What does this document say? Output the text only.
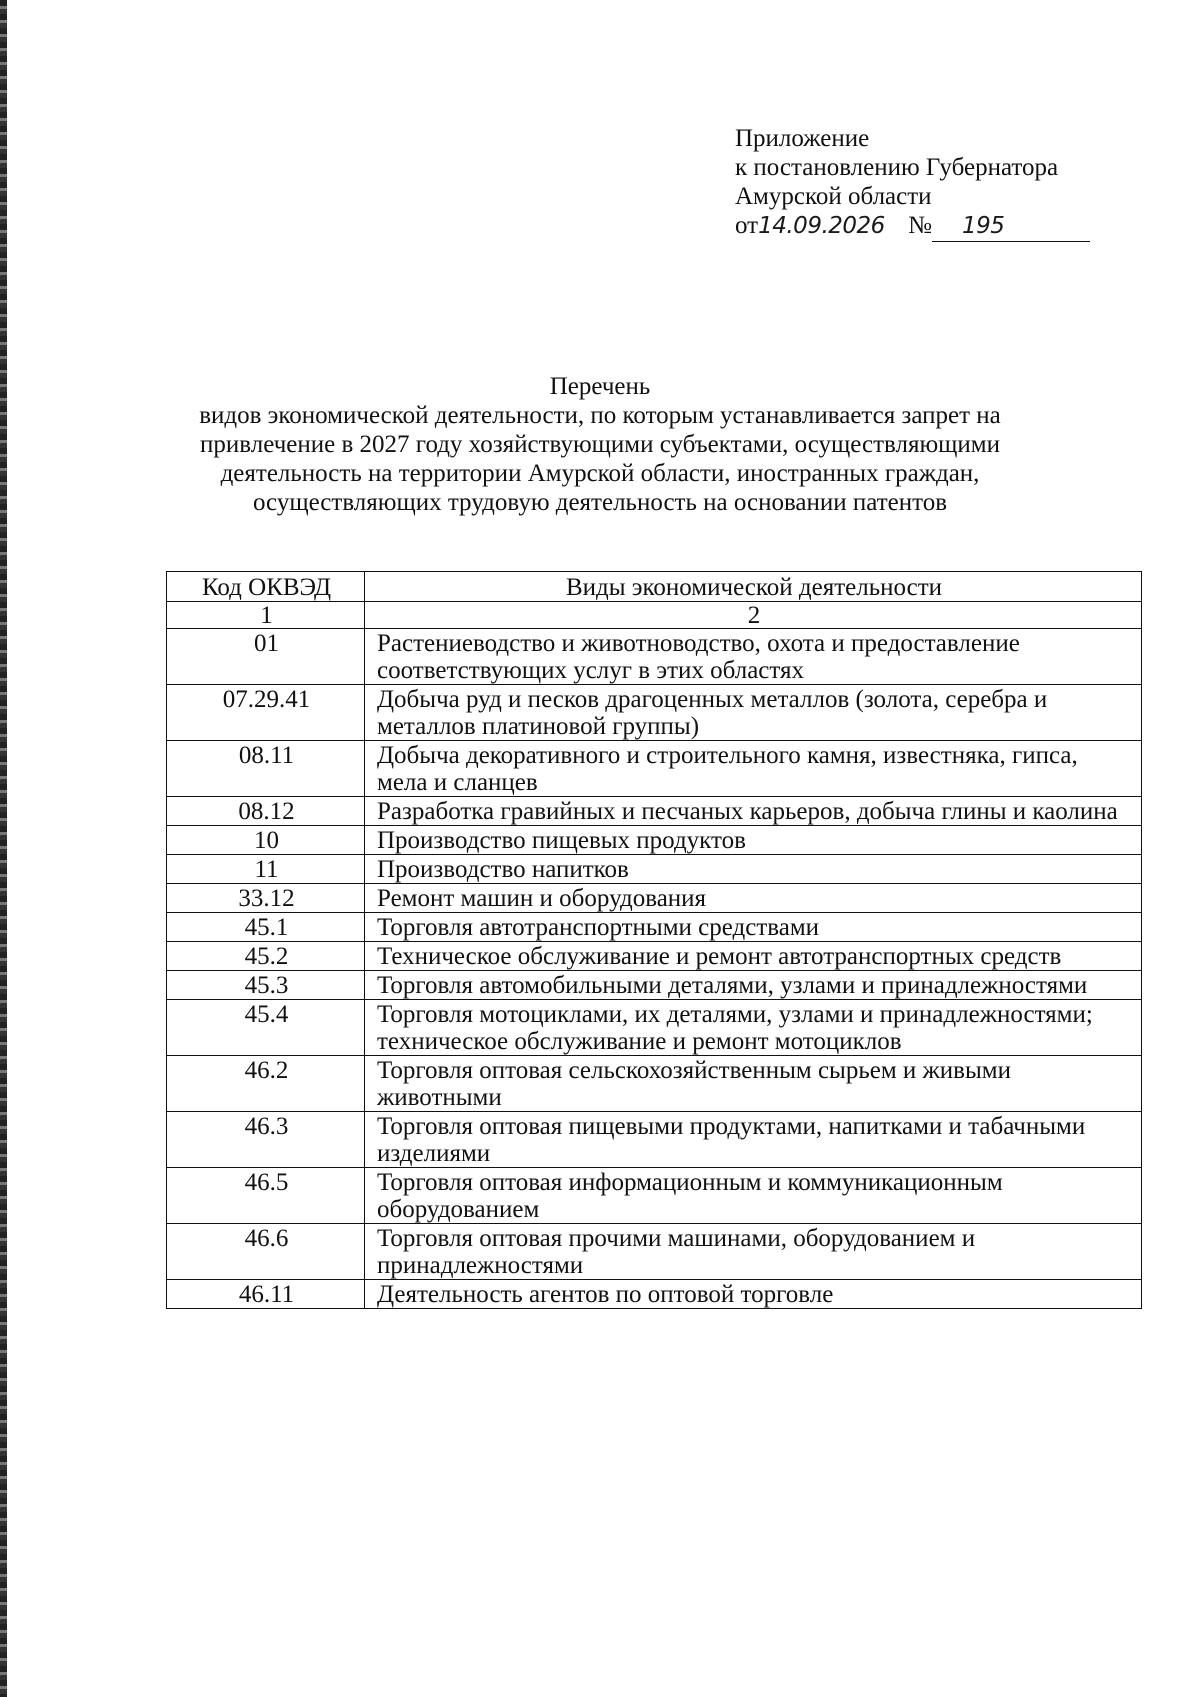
Приложение
к постановлению Губернатора
Амурской области
от14.09.2026 № 195
Перечень
видов экономической деятельности, по которым устанавливается запрет на
привлечение в 2027 году хозяйствующими субъектами, осуществляющими
деятельность на территории Амурской области, иностранных граждан,
осуществляющих трудовую деятельность на основании патентов
Код ОКВЭД	Виды экономической деятельности
1	2
01	Растениеводство и животноводство, охота и предоставление соответствующих услуг в этих областях
07.29.41	Добыча руд и песков драгоценных металлов (золота, серебра и металлов платиновой группы)
08.11	Добыча декоративного и строительного камня, известняка, гипса, мела и сланцев
08.12	Разработка гравийных и песчаных карьеров, добыча глины и каолина
10	Производство пищевых продуктов
11	Производство напитков
33.12	Ремонт машин и оборудования
45.1	Торговля автотранспортными средствами
45.2	Техническое обслуживание и ремонт автотранспортных средств
45.3	Торговля автомобильными деталями, узлами и принадлежностями
45.4	Торговля мотоциклами, их деталями, узлами и принадлежностями; техническое обслуживание и ремонт мотоциклов
46.2	Торговля оптовая сельскохозяйственным сырьем и живыми животными
46.3	Торговля оптовая пищевыми продуктами, напитками и табачными изделиями
46.5	Торговля оптовая информационным и коммуникационным оборудованием
46.6	Торговля оптовая прочими машинами, оборудованием и принадлежностями
46.11	Деятельность агентов по оптовой торговле
